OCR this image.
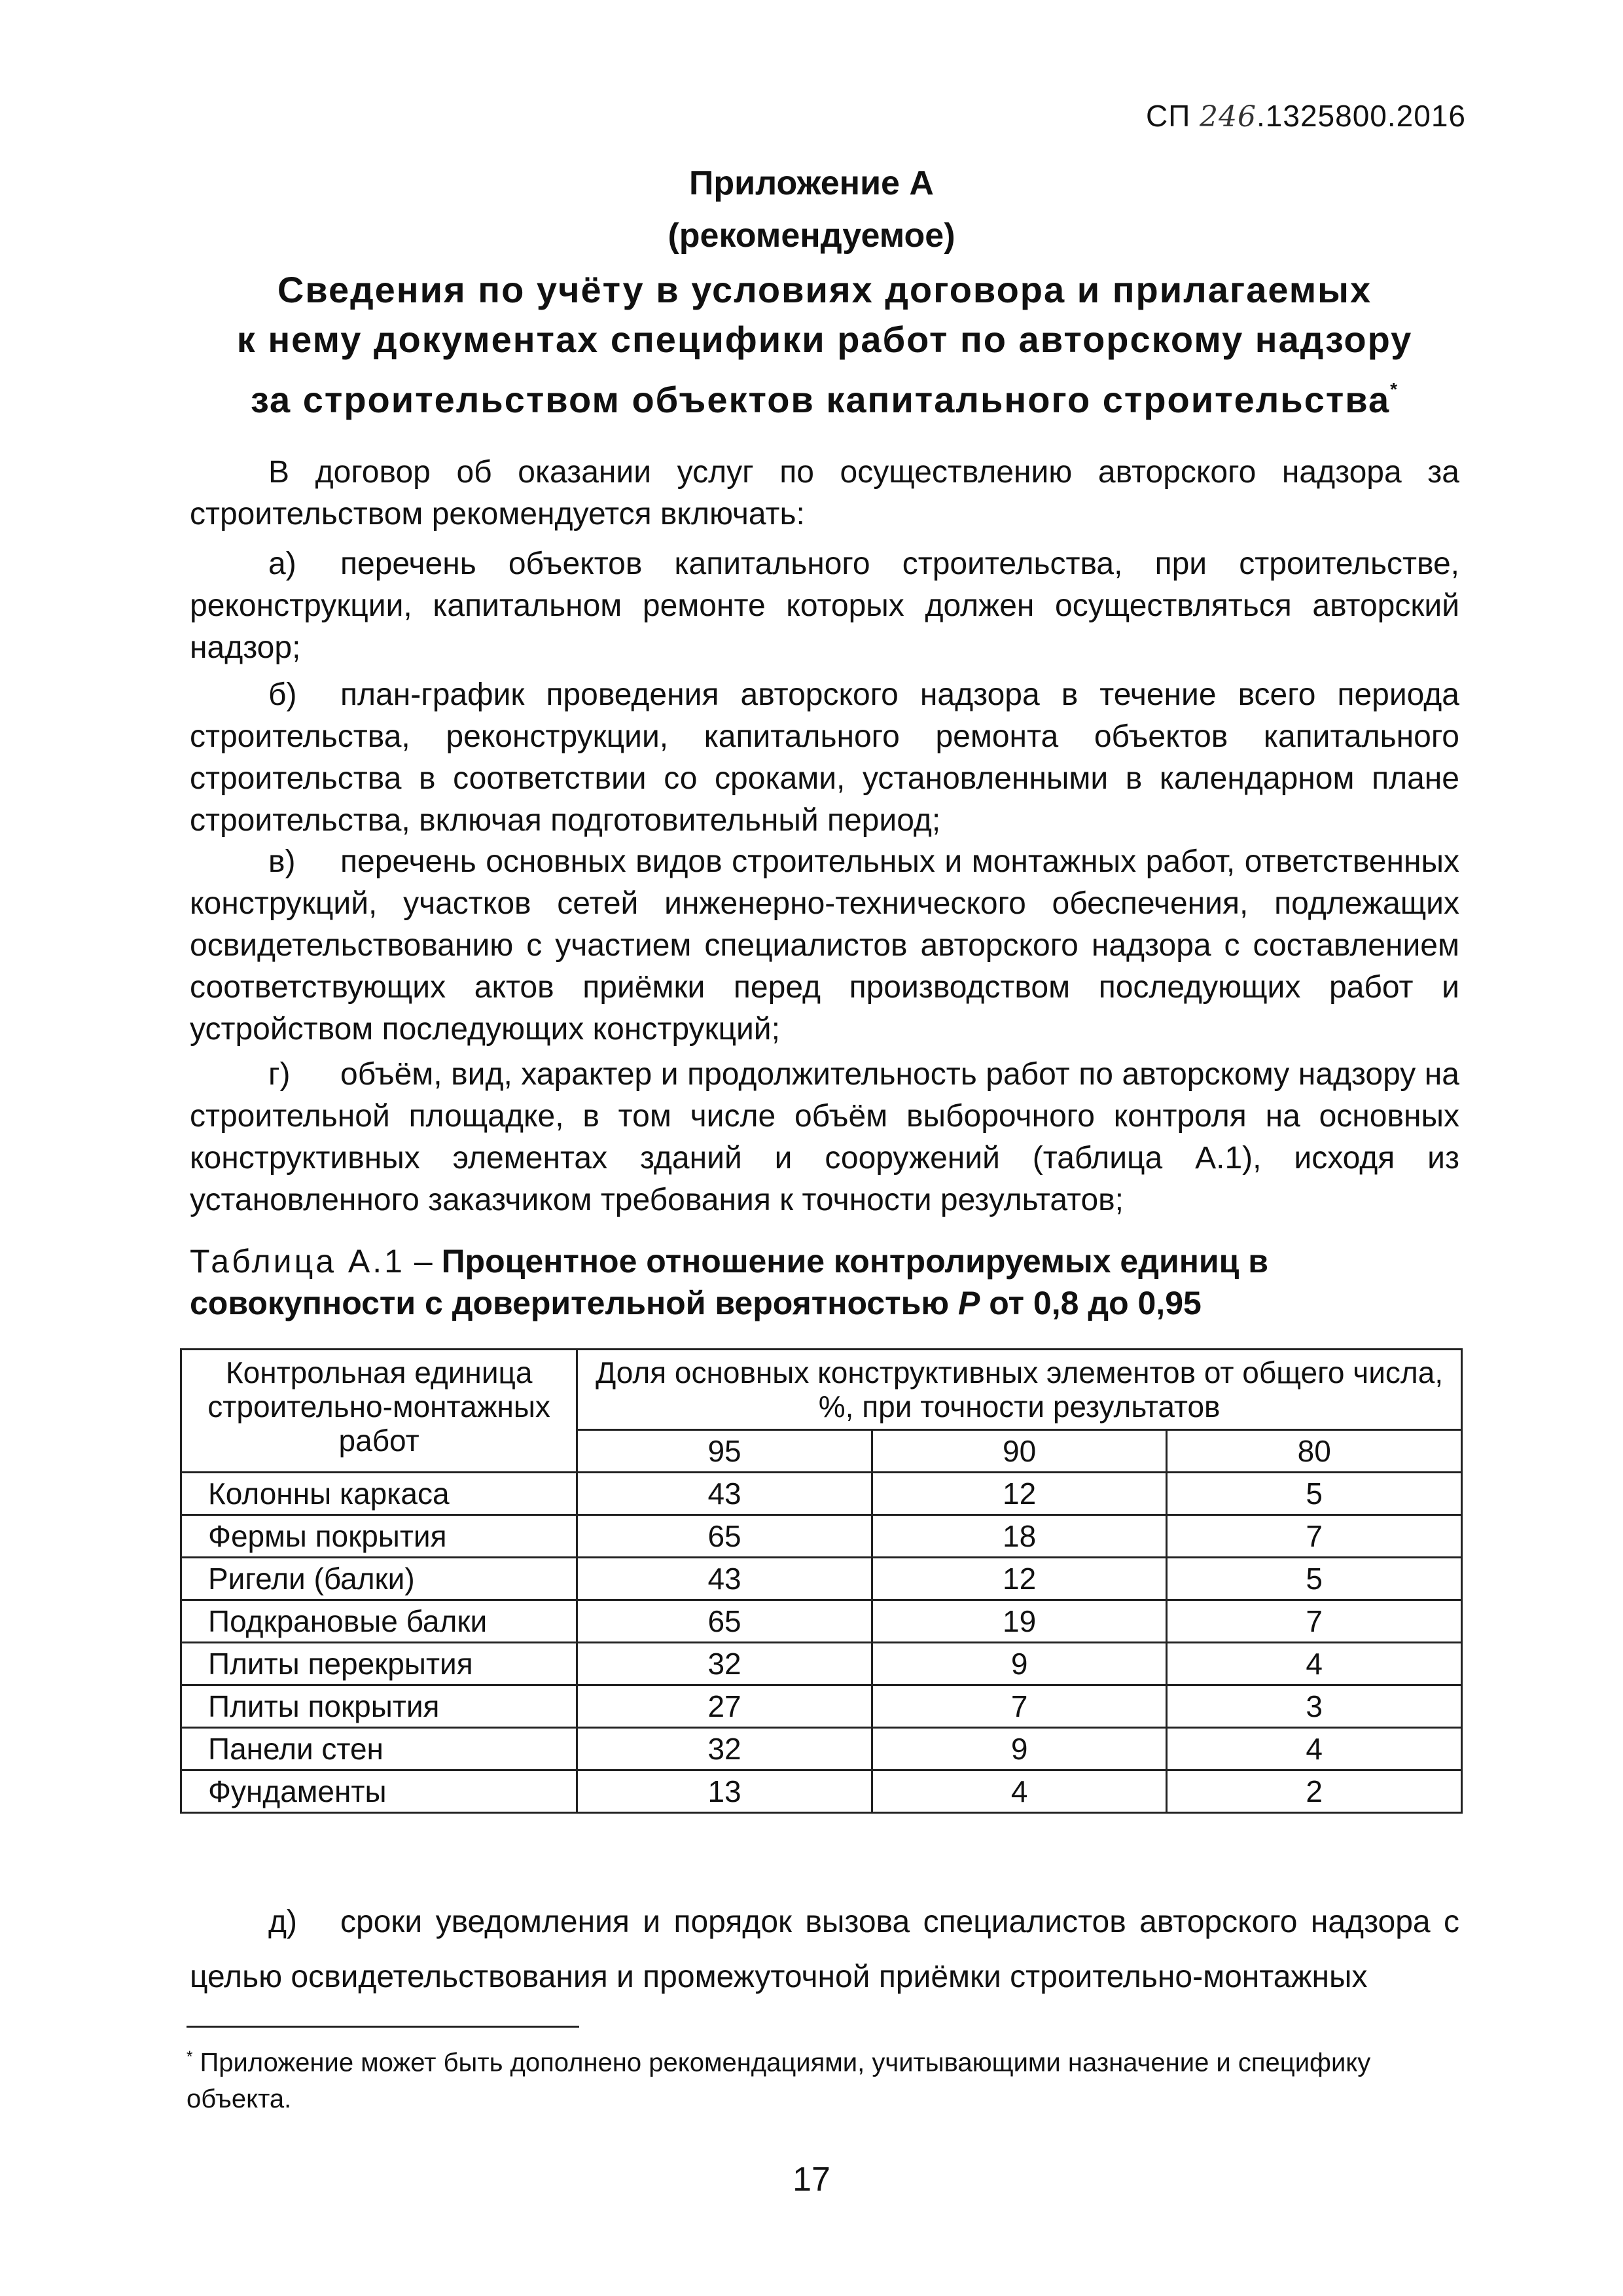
СП 246.1325800.2016
Приложение А
(рекомендуемое)
Сведения по учёту в условиях договора и прилагаемых
к нему документах специфики работ по авторскому надзору
за строительством объектов капитального строительства*

В договор об оказании услуг по осуществлению авторского надзора за строительством рекомендуется включать:

а) перечень объектов капитального строительства, при строительстве, реконструкции, капитальном ремонте которых должен осуществляться авторский надзор;

б) план-график проведения авторского надзора в течение всего периода строительства, реконструкции, капитального ремонта объектов капитального строительства в соответствии со сроками, установленными в календарном плане строительства, включая подготовительный период;

в) перечень основных видов строительных и монтажных работ, ответственных конструкций, участков сетей инженерно-технического обеспечения, подлежащих освидетельствованию с участием специалистов авторского надзора с составлением соответствующих актов приёмки перед производством последующих работ и устройством последующих конструкций;

г) объём, вид, характер и продолжительность работ по авторскому надзору на строительной площадке, в том числе объём выборочного контроля на основных конструктивных элементах зданий и сооружений (таблица А.1), исходя из установленного заказчиком требования к точности результатов;

Таблица А.1 – Процентное отношение контролируемых единиц в совокупности с доверительной вероятностью Р от 0,8 до 0,95
Контрольная единица строительно-монтажных работ	Доля основных конструктивных элементов от общего числа, %, при точности результатов		
	95	90	80
Колонны каркаса	43	12	5
Фермы покрытия	65	18	7
Ригели (балки)	43	12	5
Подкрановые балки	65	19	7
Плиты перекрытия	32	9	4
Плиты покрытия	27	7	3
Панели стен	32	9	4
Фундаменты	13	4	2

д) сроки уведомления и порядок вызова специалистов авторского надзора с целью освидетельствования и промежуточной приёмки строительно-монтажных

* Приложение может быть дополнено рекомендациями, учитывающими назначение и специфику объекта.
17
